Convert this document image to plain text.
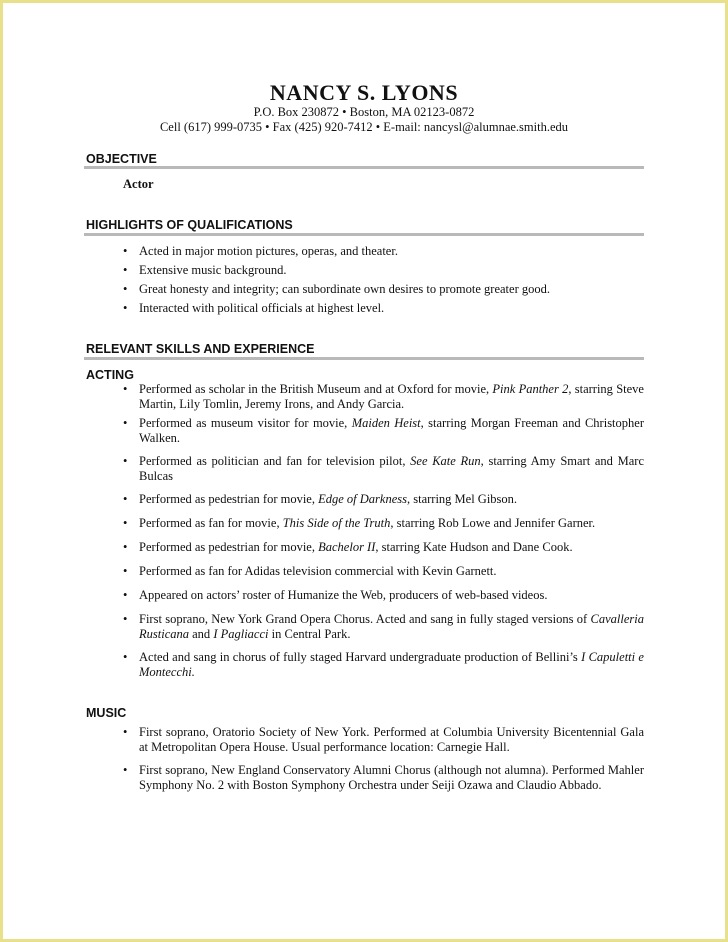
NANCY S. LYONS
P.O. Box 230872 • Boston, MA 02123-0872
Cell (617) 999-0735 • Fax (425) 920-7412 • E-mail: nancysl@alumnae.smith.edu
OBJECTIVE
Actor
HIGHLIGHTS OF QUALIFICATIONS
• Acted in major motion pictures, operas, and theater.
• Extensive music background.
• Great honesty and integrity; can subordinate own desires to promote greater good.
• Interacted with political officials at highest level.
RELEVANT SKILLS AND EXPERIENCE
ACTING
• Performed as scholar in the British Museum and at Oxford for movie, Pink Panther 2, starring Steve Martin, Lily Tomlin, Jeremy Irons, and Andy Garcia.
• Performed as museum visitor for movie, Maiden Heist, starring Morgan Freeman and Christopher Walken.
• Performed as politician and fan for television pilot, See Kate Run, starring Amy Smart and Marc Bulcas
• Performed as pedestrian for movie, Edge of Darkness, starring Mel Gibson.
• Performed as fan for movie, This Side of the Truth, starring Rob Lowe and Jennifer Garner.
• Performed as pedestrian for movie, Bachelor II, starring Kate Hudson and Dane Cook.
• Performed as fan for Adidas television commercial with Kevin Garnett.
• Appeared on actors’ roster of Humanize the Web, producers of web-based videos.
• First soprano, New York Grand Opera Chorus. Acted and sang in fully staged versions of Cavalleria Rusticana and I Pagliacci in Central Park.
• Acted and sang in chorus of fully staged Harvard undergraduate production of Bellini’s I Capuletti e Montecchi.
MUSIC
• First soprano, Oratorio Society of New York. Performed at Columbia University Bicentennial Gala at Metropolitan Opera House. Usual performance location: Carnegie Hall.
• First soprano, New England Conservatory Alumni Chorus (although not alumna). Performed Mahler Symphony No. 2 with Boston Symphony Orchestra under Seiji Ozawa and Claudio Abbado.
